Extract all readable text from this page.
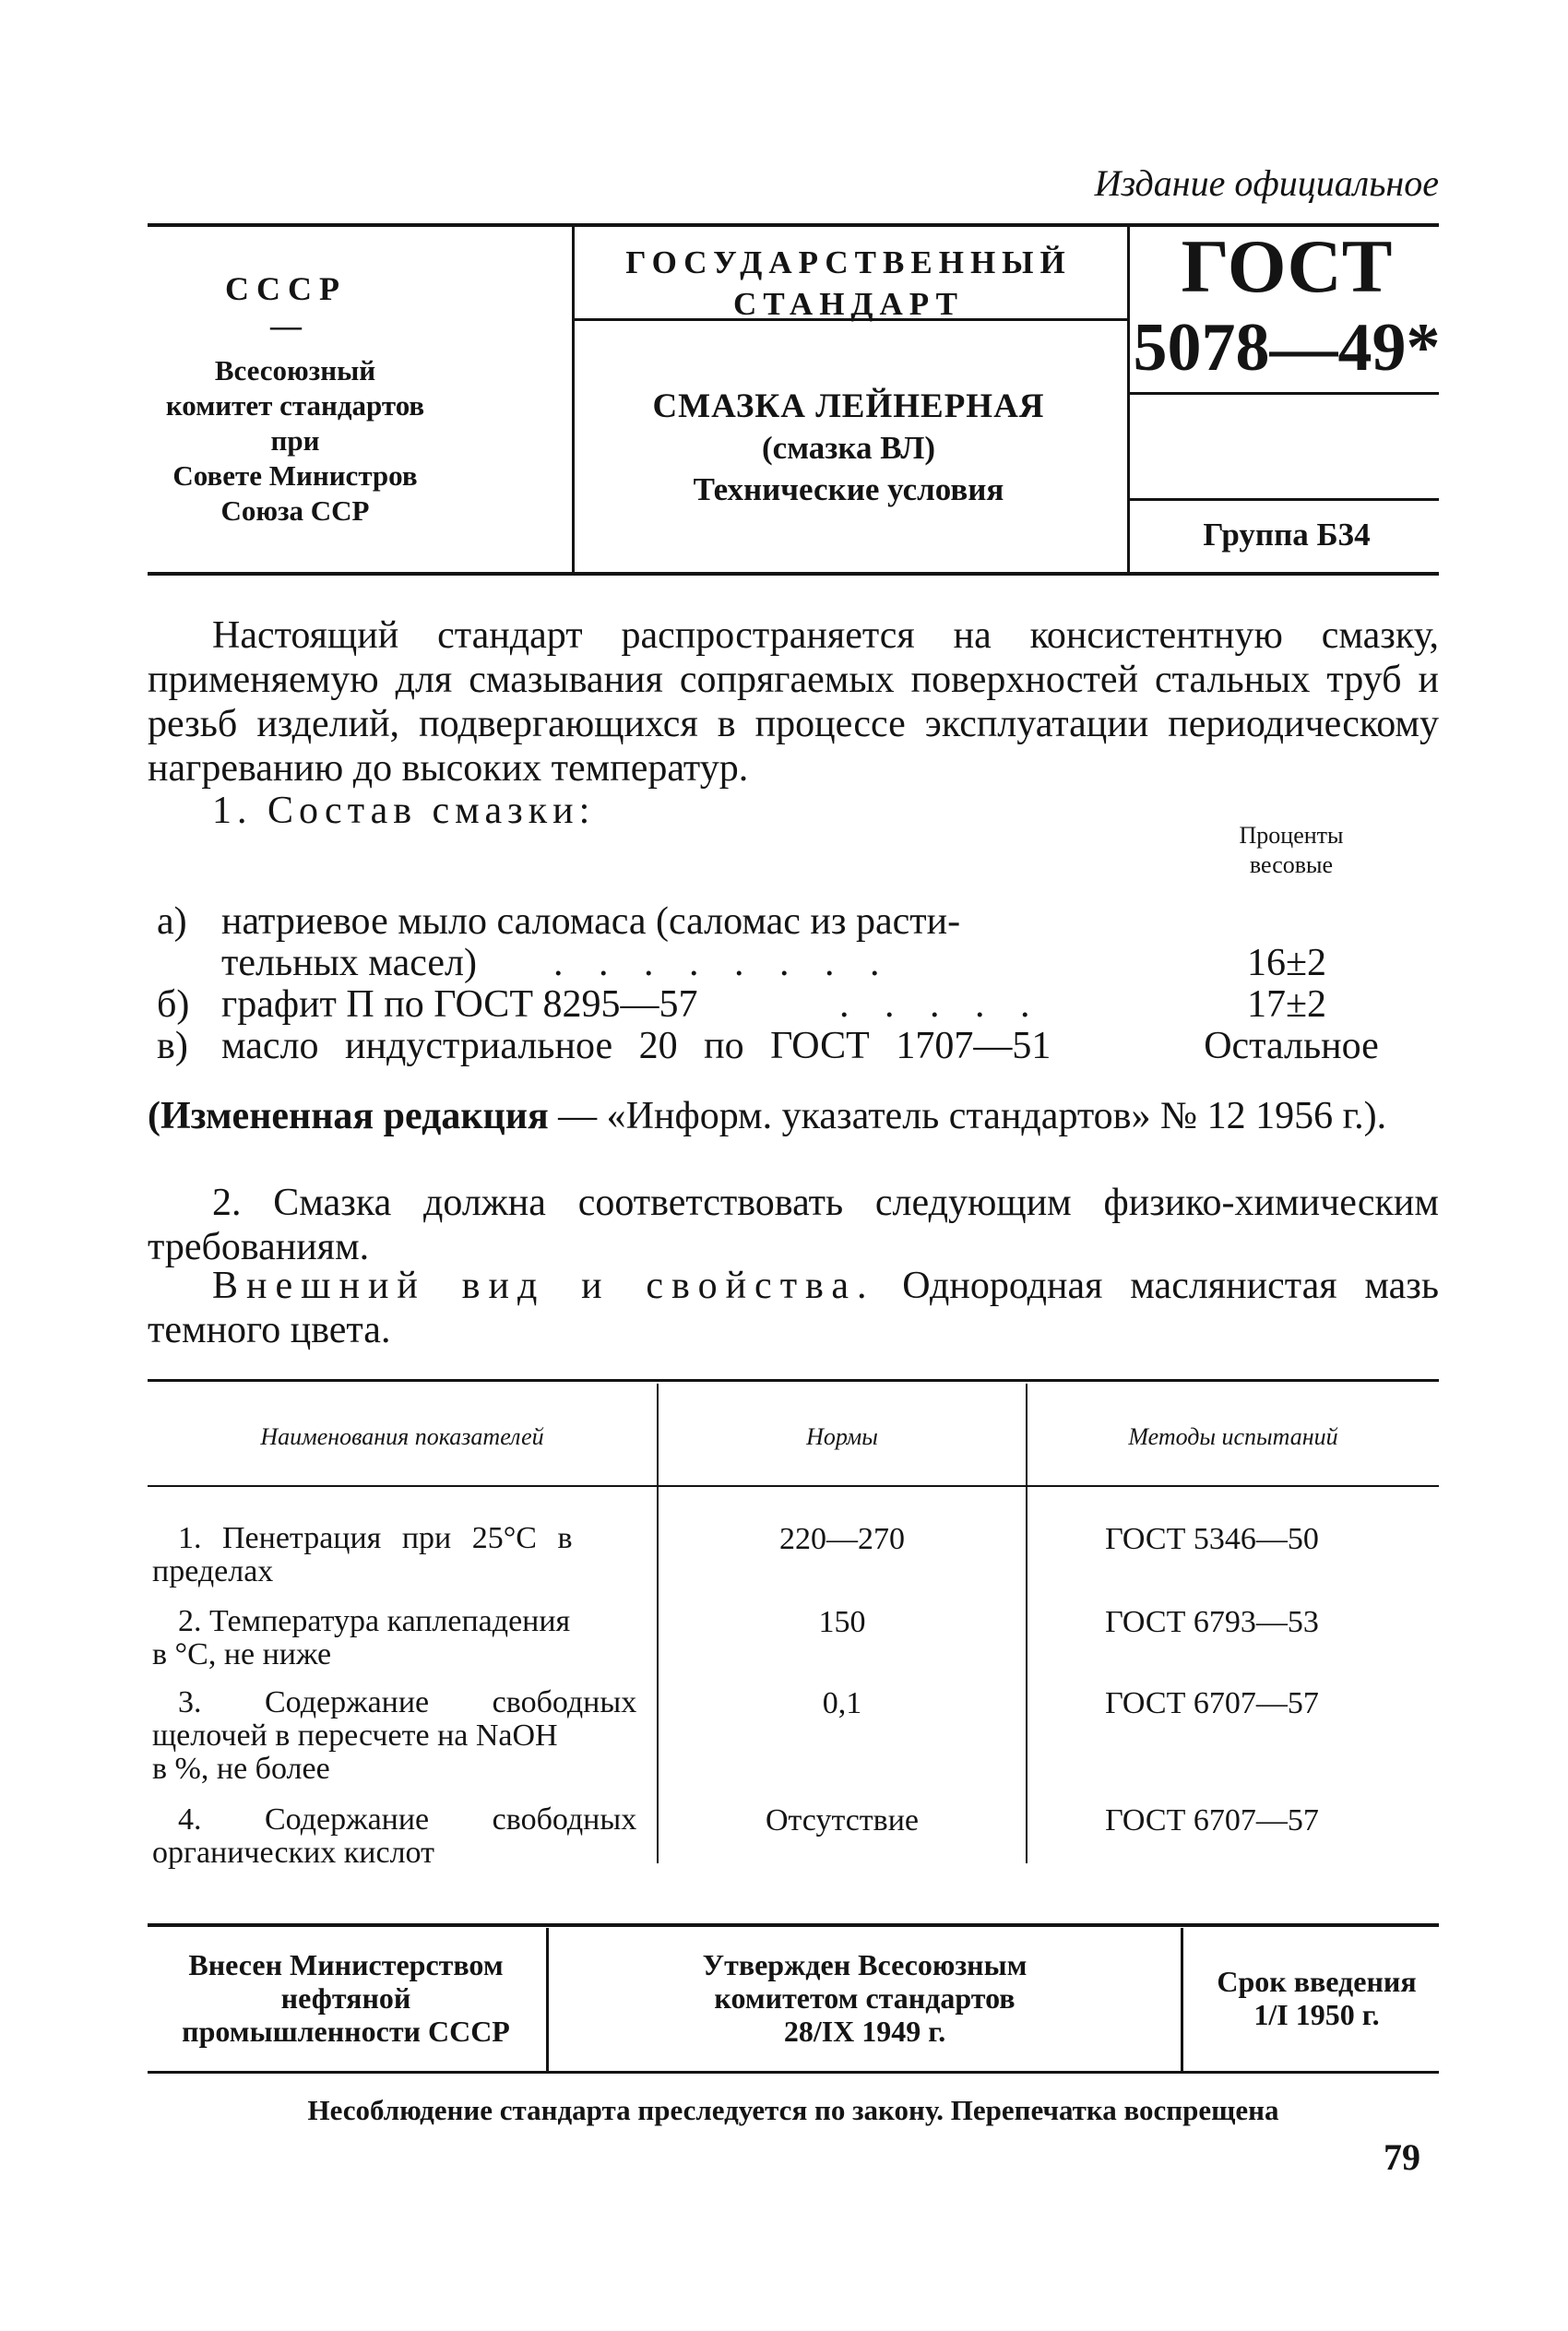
Издание официальное
СССР
—
Всесоюзный
комитет стандартов
при
Совете Министров
Союза ССР
ГОСУДАРСТВЕННЫЙ
СТАНДАРТ
СМАЗКА ЛЕЙНЕРНАЯ
(смазка ВЛ)
Технические условия
ГОСТ
5078—49*
Группа Б34
Настоящий стандарт распространяется на консистентную смазку, применяемую для смазывания сопрягаемых поверхностей стальных труб и резьб изделий, подвергающихся в процессе эксплуатации периодическому нагреванию до высоких температур.
1. Состав смазки:
Проценты
весовые
а) натриевое мыло саломаса (саломас из расти-
тельных масел) . . . . . . . .	16±2
б) графит П по ГОСТ 8295—57	. . . . .	17±2
в) масло индустриальное 20 по ГОСТ 1707—51	Остальное
(Измененная редакция — «Информ. указатель стандартов» № 12 1956 г.).
2. Смазка должна соответствовать следующим физико-химическим требованиям.
Внешний вид и свойства. Однородная маслянистая мазь темного цвета.
Наименования показателей	Нормы	Методы испытаний
1. Пенетрация при 25°С в
пределах
220—270	ГОСТ 5346—50
2. Температура каплепадения
в °С, не ниже
150	ГОСТ 6793—53
3. Содержание свободных
щелочей в пересчете на NaOH
в %, не более
0,1	ГОСТ 6707—57
4. Содержание свободных
органических кислот
Отсутствие	ГОСТ 6707—57
Внесен Министерством
нефтяной
промышленности СССР
Утвержден Всесоюзным
комитетом стандартов
28/IX 1949 г.
Срок введения
1/I 1950 г.
Несоблюдение стандарта преследуется по закону. Перепечатка воспрещена
79
